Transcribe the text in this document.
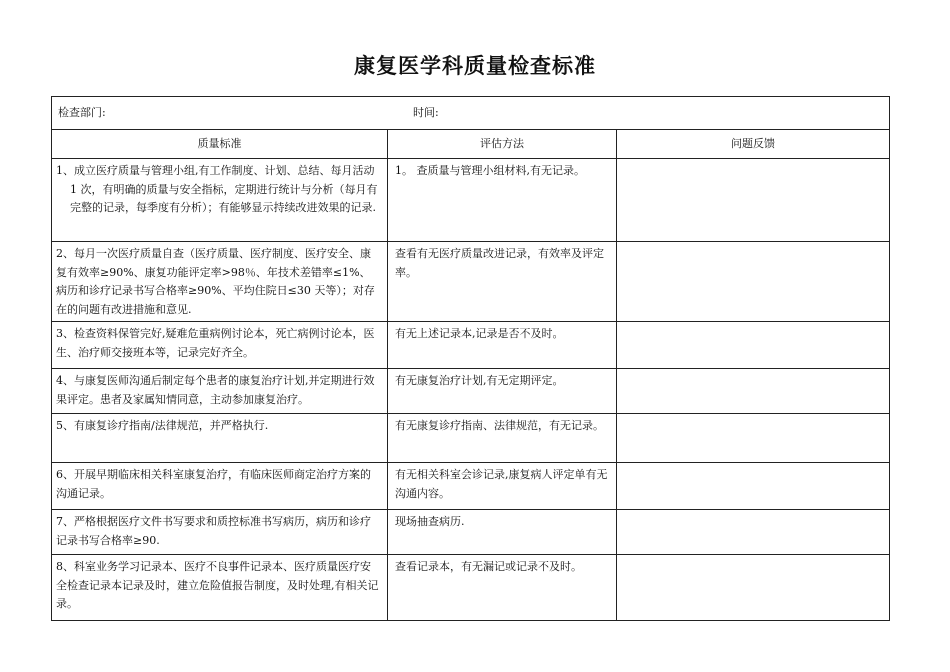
康复医学科质量检查标准
检查部门: 时间:		
质量标准	评估方法	问题反馈

1、成立医疗质量与管理小组,有工作制度、计划、总结、每月活动 1 次，有明确的质量与安全指标，定期进行统计与分析（每月有完整的记录，每季度有分析）；有能够显示持续改进效果的记录.	1。 查质量与管理小组材料,有无记录。	

2、每月一次医疗质量自查（医疗质量、医疗制度、医疗安全、康复有效率≥90%、康复功能评定率>98％、年技术差错率≤1%、病历和诊疗记录书写合格率≥90%、平均住院日≤30 天等）；对存在的问题有改进措施和意见.	查看有无医疗质量改进记录，有效率及评定率。	

3、检查资料保管完好,疑难危重病例讨论本，死亡病例讨论本，医生、治疗师交接班本等，记录完好齐全。	有无上述记录本,记录是否不及时。	

4、与康复医师沟通后制定每个患者的康复治疗计划,并定期进行效果评定。患者及家属知情同意，主动参加康复治疗。	有无康复治疗计划,有无定期评定。	

5、有康复诊疗指南/法律规范，并严格执行.	有无康复诊疗指南、法律规范，有无记录。	

6、开展早期临床相关科室康复治疗，有临床医师商定治疗方案的沟通记录。	有无相关科室会诊记录,康复病人评定单有无沟通内容。	

7、严格根据医疗文件书写要求和质控标准书写病历，病历和诊疗记录书写合格率≥90.	现场抽查病历.	

8、科室业务学习记录本、医疗不良事件记录本、医疗质量医疗安全检查记录本记录及时，建立危险值报告制度，及时处理,有相关记录。	查看记录本，有无漏记或记录不及时。	
